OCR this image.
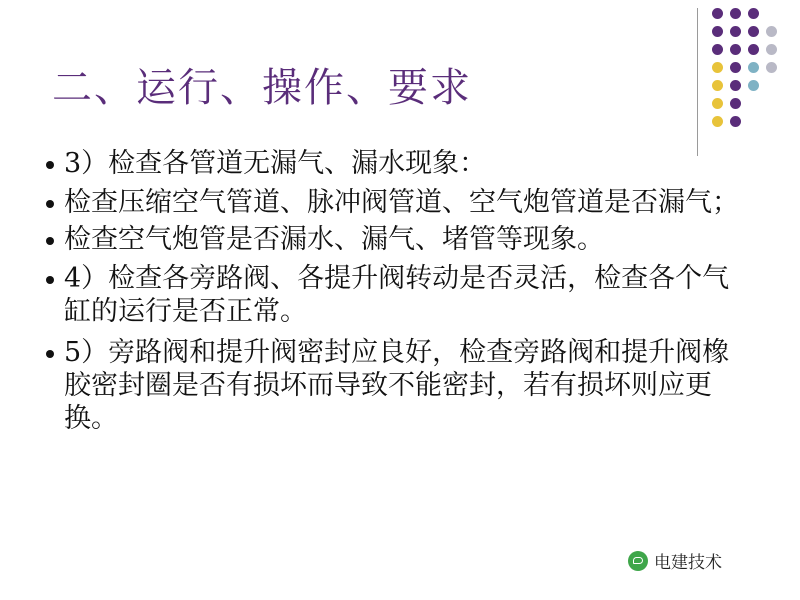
二、运行、操作、要求
3）检查各管道无漏气、漏水现象：
检查压缩空气管道、脉冲阀管道、空气炮管道是否漏气；
检查空气炮管是否漏水、漏气、堵管等现象。
4）检查各旁路阀、各提升阀转动是否灵活，检查各个气缸的运行是否正常。
5）旁路阀和提升阀密封应良好，检查旁路阀和提升阀橡胶密封圈是否有损坏而导致不能密封，若有损坏则应更换。
电建技术
